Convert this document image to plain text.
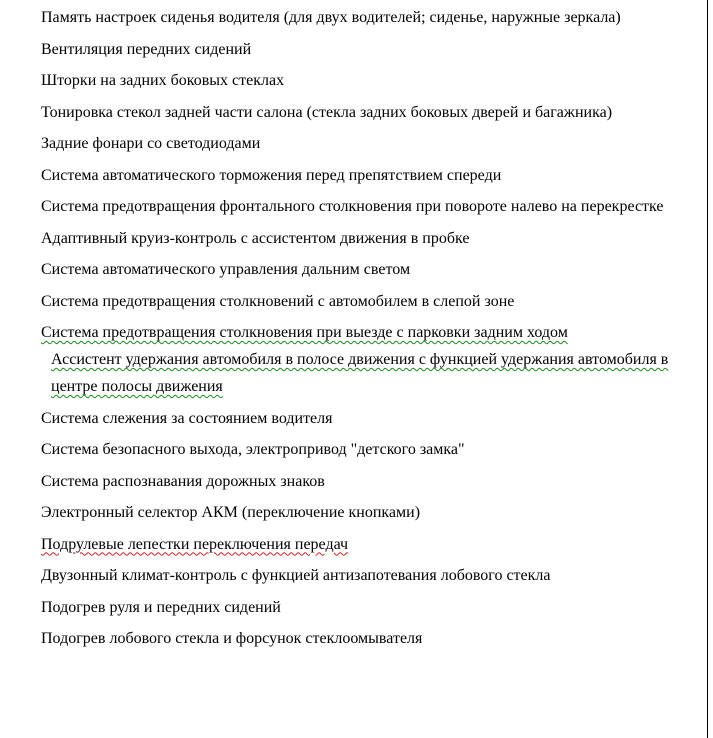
Память настроек сиденья водителя (для двух водителей; сиденье, наружные зеркала)
Вентиляция передних сидений
Шторки на задних боковых стеклах
Тонировка стекол задней части салона (стекла задних боковых дверей и багажника)
Задние фонари со светодиодами
Система автоматического торможения перед препятствием спереди
Система предотвращения фронтального столкновения при повороте налево на перекрестке
Адаптивный круиз-контроль с ассистентом движения в пробке
Система автоматического управления дальним светом
Система предотвращения столкновений с автомобилем в слепой зоне
Система предотвращения столкновения при выезде с парковки задним ходом
Ассистент удержания автомобиля в полосе движения с функцией удержания автомобиля в центре полосы движения
Система слежения за состоянием водителя
Система безопасного выхода, электропривод "детского замка"
Система распознавания дорожных знаков
Электронный селектор АКМ (переключение кнопками)
Подрулевые лепестки переключения передач
Двузонный климат-контроль с функцией антизапотевания лобового стекла
Подогрев руля и передних сидений
Подогрев лобового стекла и форсунок стеклоомывателя
